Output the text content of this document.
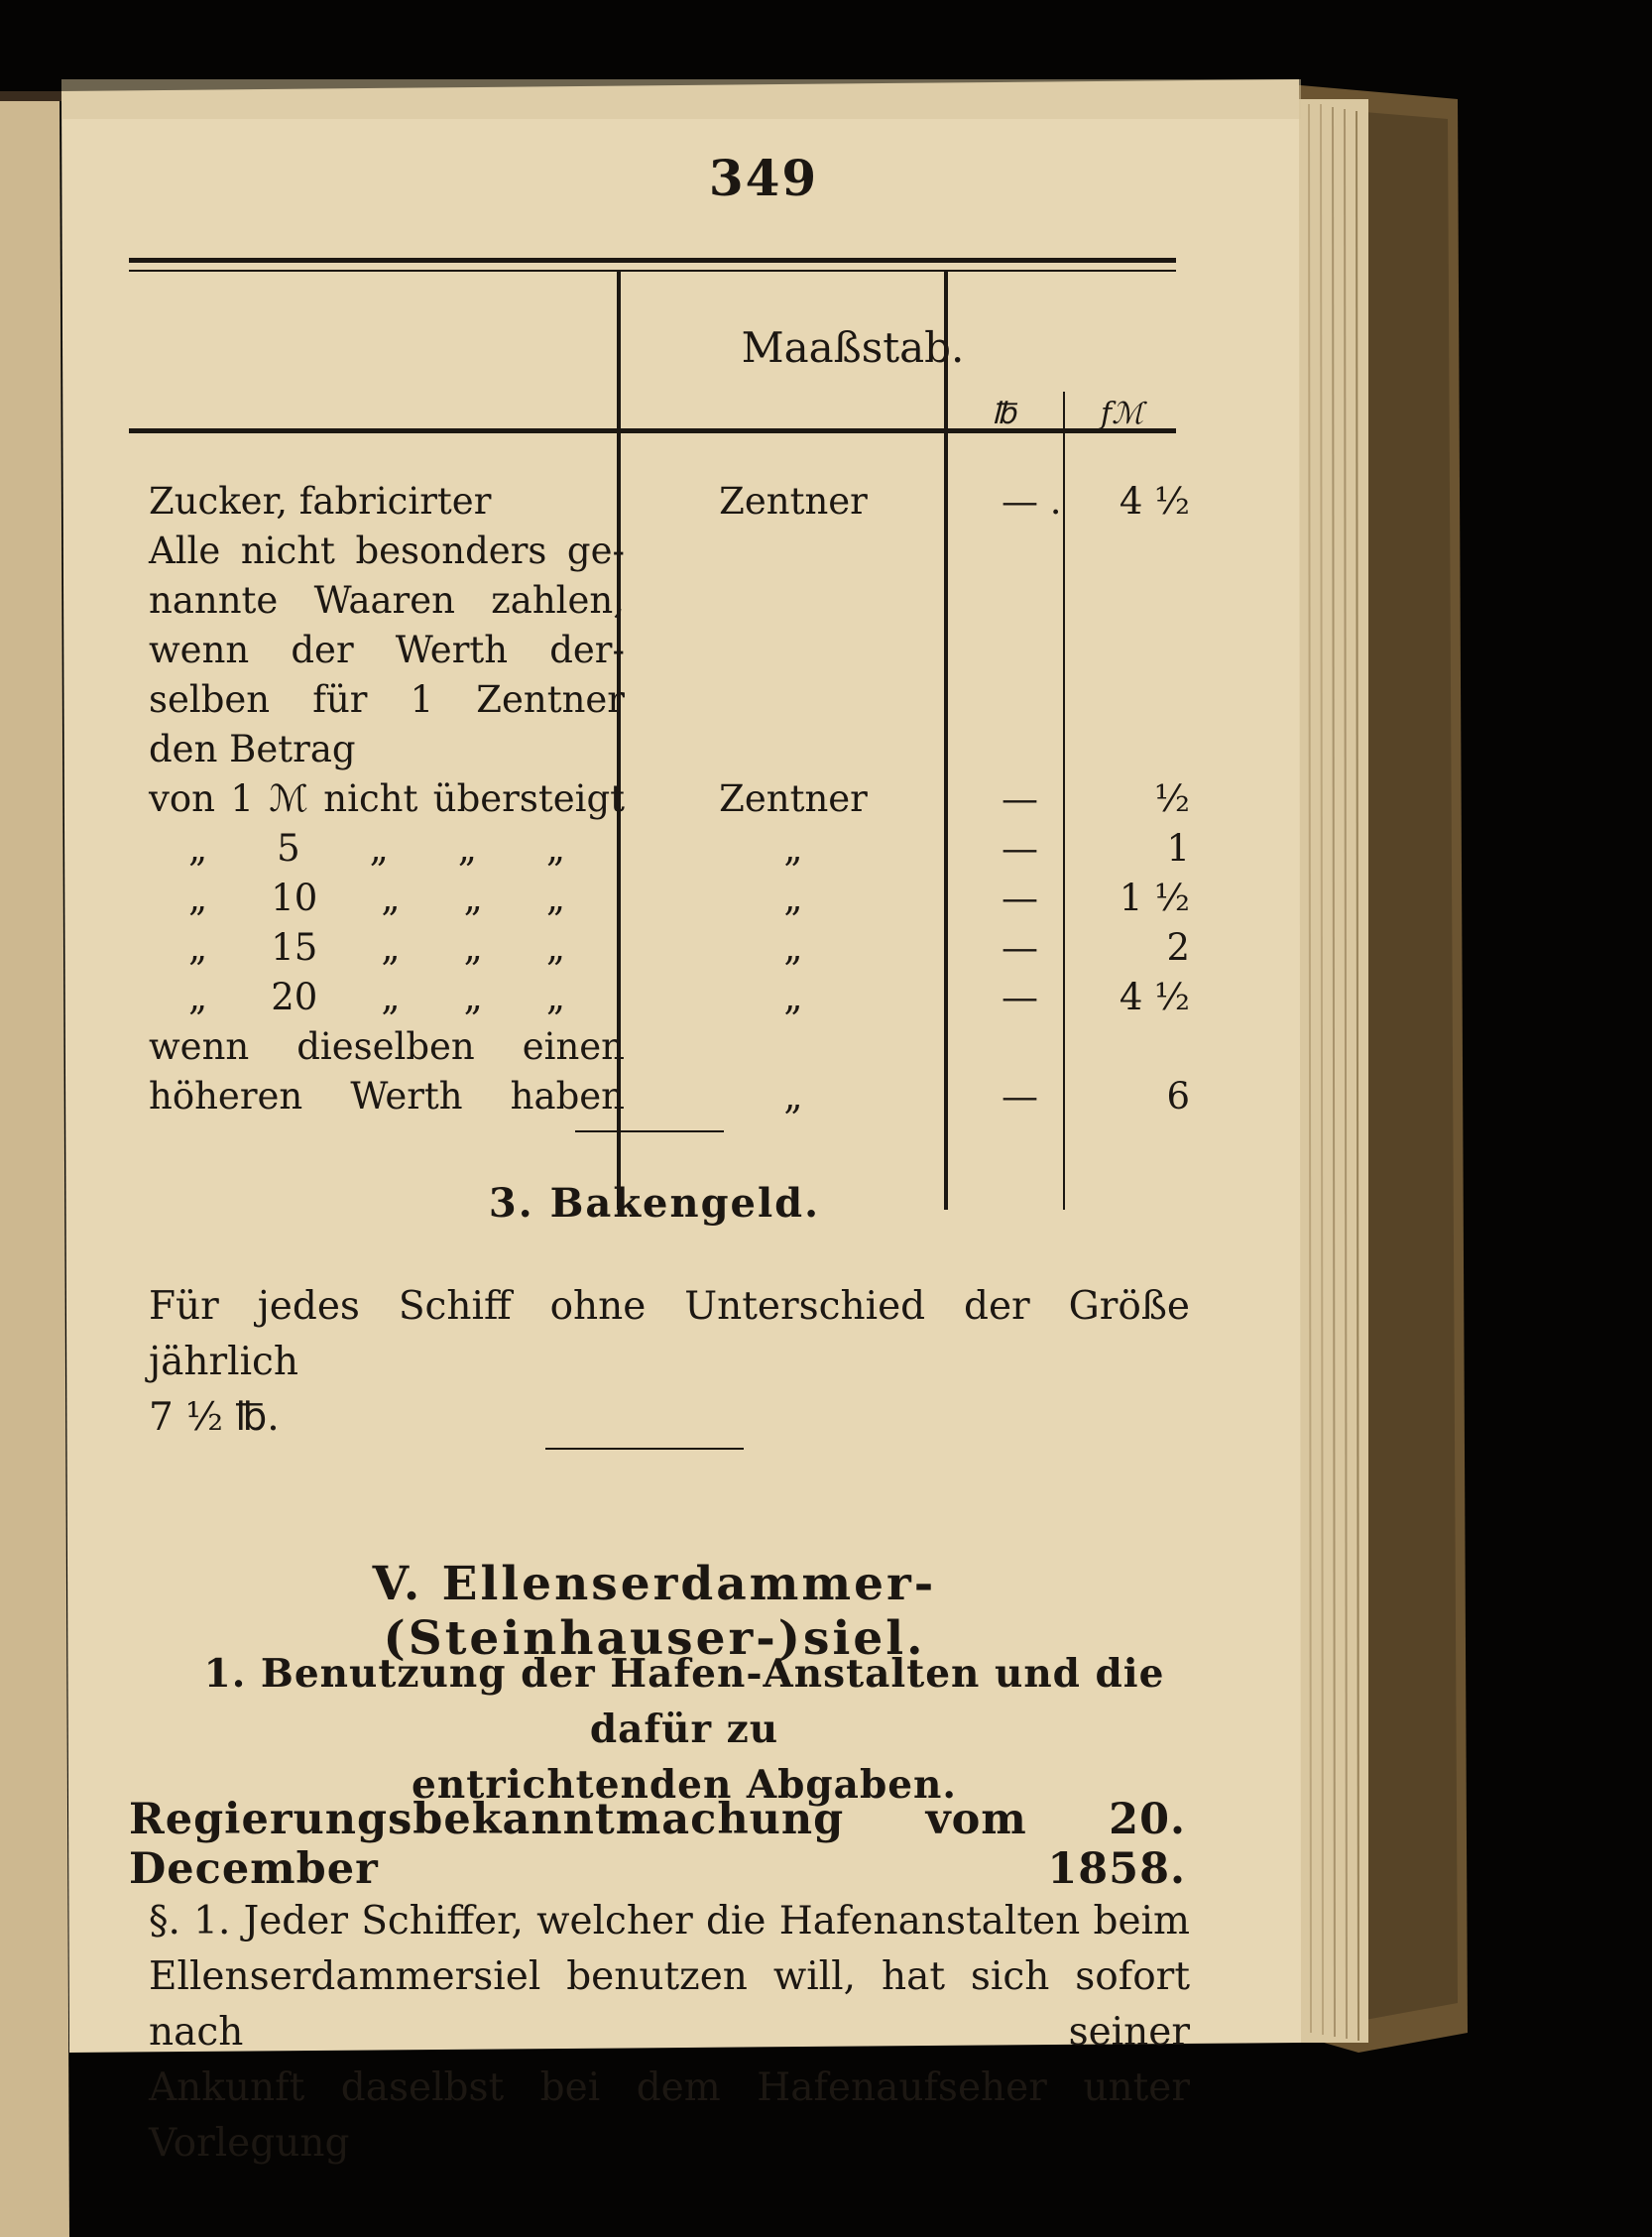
349
Maaßstab.
℔	fℳ
Zucker, fabricirter	Zentner	— .	4 ½
Alle nicht besonders ge-
nannte Waaren zahlen,
wenn der Werth der-
selben für 1 Zentner
den Betrag
von 1 ℳ nicht übersteigt	Zentner	—	½
„ 5 „ „ „	„	—	1
„ 10 „ „ „	„	—	1 ½
„ 15 „ „ „	„	—	2
„ 20 „ „ „	„	—	4 ½
wenn dieselben einen
höheren Werth haben	„	—	6
3. Bakengeld.
Für jedes Schiff ohne Unterschied der Größe jährlich
7 ½ ℔.
V. Ellenserdammer- (Steinhauser-)siel.
1. Benutzung der Hafen-Anstalten und die dafür zu
entrichtenden Abgaben.
Regierungsbekanntmachung vom 20. December 1858.
§. 1. Jeder Schiffer, welcher die Hafenanstalten beim
Ellenserdammersiel benutzen will, hat sich sofort nach seiner
Ankunft daselbst bei dem Hafenaufseher unter Vorlegung
